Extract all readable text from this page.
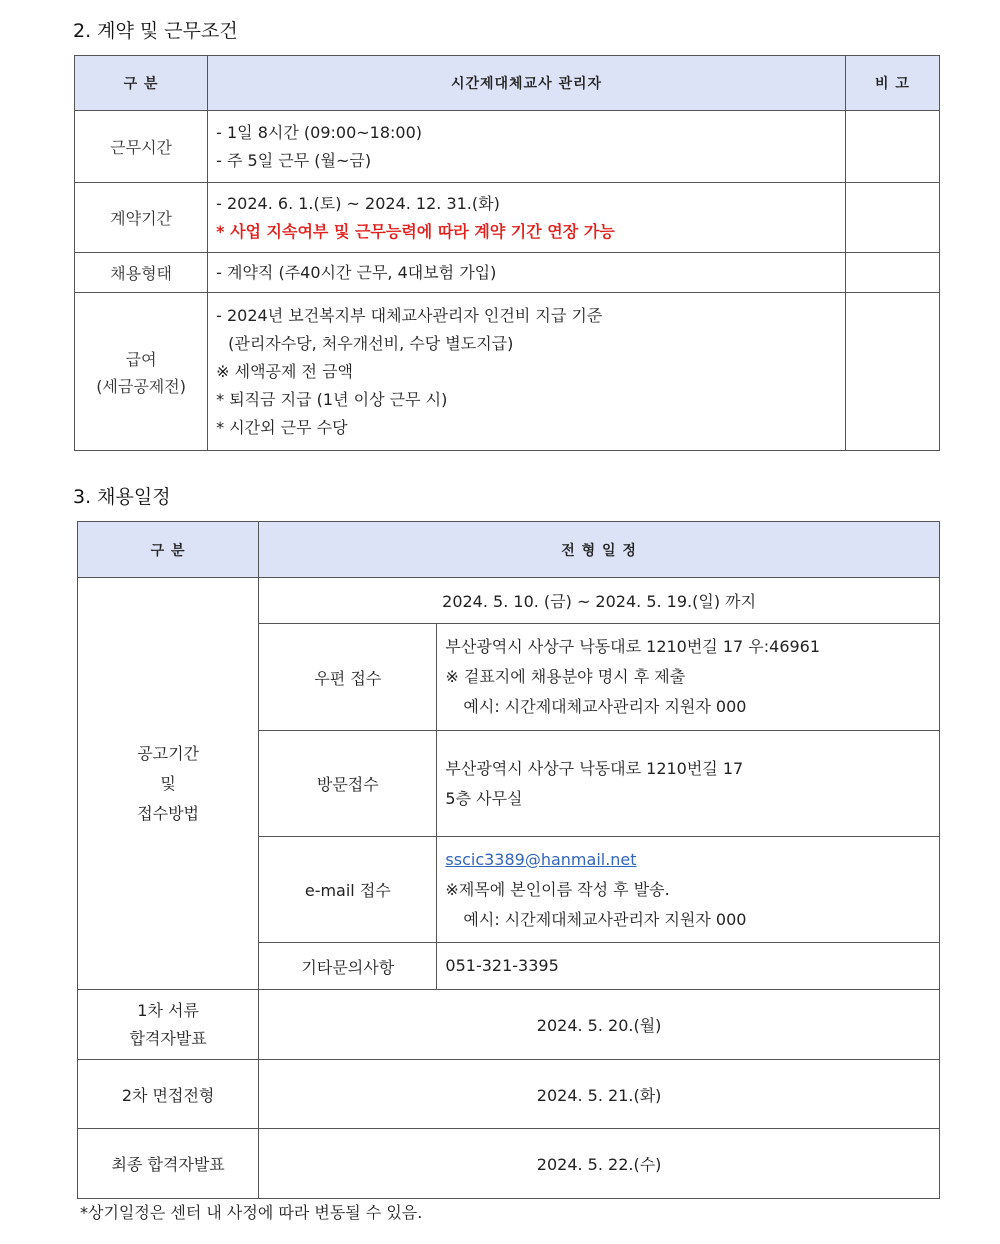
2. 계약 및 근무조건
구 분	시간제대체교사 관리자	비 고
근무시간	- 1일 8시간 (09:00~18:00)
- 주 5일 근무 (월~금)	

계약기간	- 2024. 6. 1.(토) ~ 2024. 12. 31.(화)
* 사업 지속여부 및 근무능력에 따라 계약 기간 연장 가능	

채용형태	- 계약직 (주40시간 근무, 4대보험 가입)	

급여
(세금공제전)	- 2024년 보건복지부 대체교사관리자 인건비 지급 기준
(관리자수당, 처우개선비, 수당 별도지급)
※ 세액공제 전 금액
* 퇴직금 지급 (1년 이상 근무 시)
* 시간외 근무 수당	

3. 채용일정
구 분	전 형 일 정	

공고기간
및
접수방법	2024. 5. 10. (금) ~ 2024. 5. 19.(일) 까지	
	우편 접수	부산광역시 사상구 낙동대로 1210번길 17 우:46961
※ 겉표지에 채용분야 명시 후 제출
예시: 시간제대체교사관리자 지원자 000

	방문접수	부산광역시 사상구 낙동대로 1210번길 17
5층 사무실

	e-mail 접수	sscic3389@hanmail.net
※제목에 본인이름 작성 후 발송.
예시: 시간제대체교사관리자 지원자 000

	기타문의사항	051-321-3395

1차 서류
합격자발표	2024. 5. 20.(월)	
2차 면접전형	2024. 5. 21.(화)	
최종 합격자발표	2024. 5. 22.(수)	
*상기일정은 센터 내 사정에 따라 변동될 수 있음.
